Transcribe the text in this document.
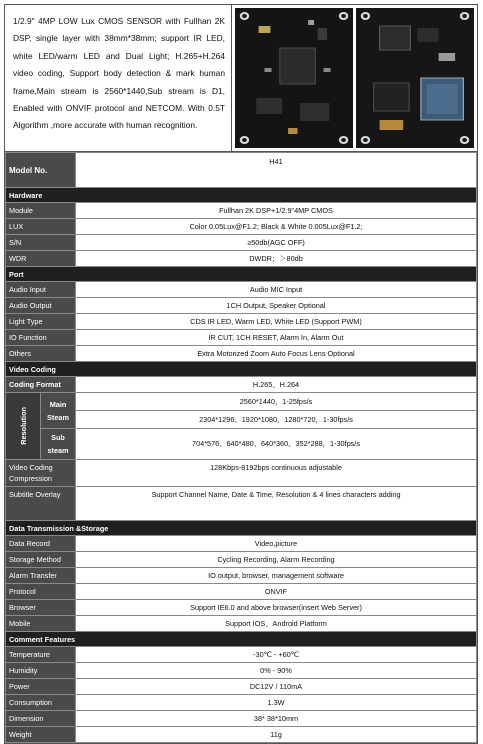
1/2.9" 4MP LOW Lux CMOS SENSOR with Fullhan 2K DSP, single layer with 38mm*38mm; support IR LED, white LED/warm LED and Dual Light; H.265+H.264 video coding, Support body detection & mark human frame,Main stream is 2560*1440,Sub stream is D1, Enabled with ONVIF protocol and NETCOM. With 0.5T Algorithm ,more accurate with human recognition.
Model No.		H41
Hardware		
Module		Fullhan 2K DSP+1/2.9"4MP CMOS
LUX		Color 0.05Lux@F1.2; Black & White 0.005Lux@F1.2;
S/N		≥50db(AGC OFF)
WDR		DWDR；＞80db
Port		
Audio Input		Audio MIC Input
Audio Output		1CH Output, Speaker Optional
Light Type		CDS IR LED, Warm LED, White LED (Support PWM)
IO Function		IR CUT, 1CH RESET, Alarm In, Alarm Out
Others		Extra Motorized Zoom Auto Focus Lens Optional
Video Coding		
Coding Format		H.265、H.264

Resolution	Main Steam	2560*1440，1-25fps/s
		2304*1296、1920*1080、1280*720，1-30fps/s
	Sub steam	704*576、640*480、640*360、352*288，1-30fps/s
Video Coding Compression		128Kbps-8192bps continuous adjustable
Subtitle Overlay		Support Channel Name, Date & Time, Resolution & 4 lines characters adding
Data Transmission &Storage		
Data Record		Video,picture
Storage Method		Cycling Recording, Alarm Recording
Alarm Transfer		IO output, browser, management software
Protocol		ONVIF
Browser		Support IE6.0 and above browser(insert Web Server)
Mobile		Support IOS、Android Platform
Comment Features		
Temperature		-30℃ - +60℃
Humidity		0% - 90%
Power		DC12V / 110mA
Consumption		1.3W
Dimension		38* 38*10mm
Weight		11g
